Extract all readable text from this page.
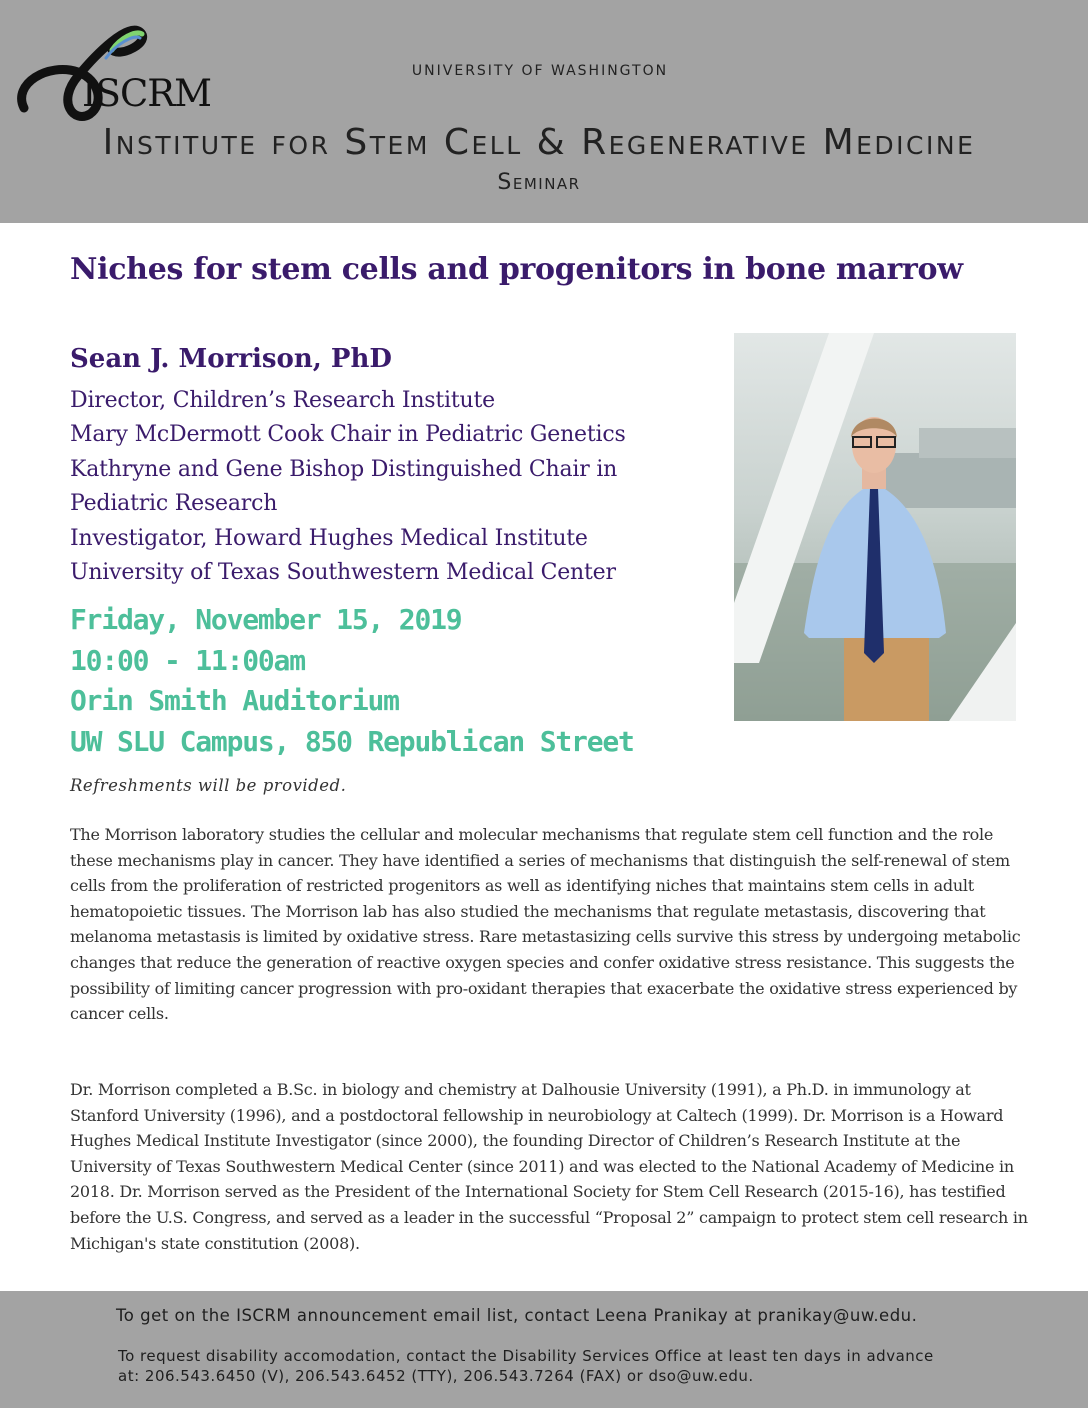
ISCRM
UNIVERSITY OF WASHINGTON
Institute for Stem Cell & Regenerative Medicine
Seminar
Niches for stem cells and progenitors in bone marrow
Sean J. Morrison, PhD
Director, Children’s Research Institute
Mary McDermott Cook Chair in Pediatric Genetics
Kathryne and Gene Bishop Distinguished Chair in
Pediatric Research
Investigator, Howard Hughes Medical Institute
University of Texas Southwestern Medical Center
Friday, November 15, 2019
10:00 - 11:00am
Orin Smith Auditorium
UW SLU Campus, 850 Republican Street
Refreshments will be provided.

The Morrison laboratory studies the cellular and molecular mechanisms that regulate stem cell function and the role these mechanisms play in cancer. They have identified a series of mechanisms that distinguish the self-renewal of stem cells from the proliferation of restricted progenitors as well as identifying niches that maintains stem cells in adult hematopoietic tissues. The Morrison lab has also studied the mechanisms that regulate metastasis, discovering that melanoma metastasis is limited by oxidative stress. Rare metastasizing cells survive this stress by undergoing metabolic changes that reduce the generation of reactive oxygen species and confer oxidative stress resistance. This suggests the possibility of limiting cancer progression with pro-oxidant therapies that exacerbate the oxidative stress experienced by cancer cells.

Dr. Morrison completed a B.Sc. in biology and chemistry at Dalhousie University (1991), a Ph.D. in immunology at Stanford University (1996), and a postdoctoral fellowship in neurobiology at Caltech (1999). Dr. Morrison is a Howard Hughes Medical Institute Investigator (since 2000), the founding Director of Children’s Research Institute at the University of Texas Southwestern Medical Center (since 2011) and was elected to the National Academy of Medicine in 2018. Dr. Morrison served as the President of the International Society for Stem Cell Research (2015-16), has testified before the U.S. Congress, and served as a leader in the successful “Proposal 2” campaign to protect stem cell research in Michigan's state constitution (2008).

To get on the ISCRM announcement email list, contact Leena Pranikay at pranikay@uw.edu.
To request disability accomodation, contact the Disability Services Office at least ten days in advance
at: 206.543.6450 (V), 206.543.6452 (TTY), 206.543.7264 (FAX) or dso@uw.edu.
